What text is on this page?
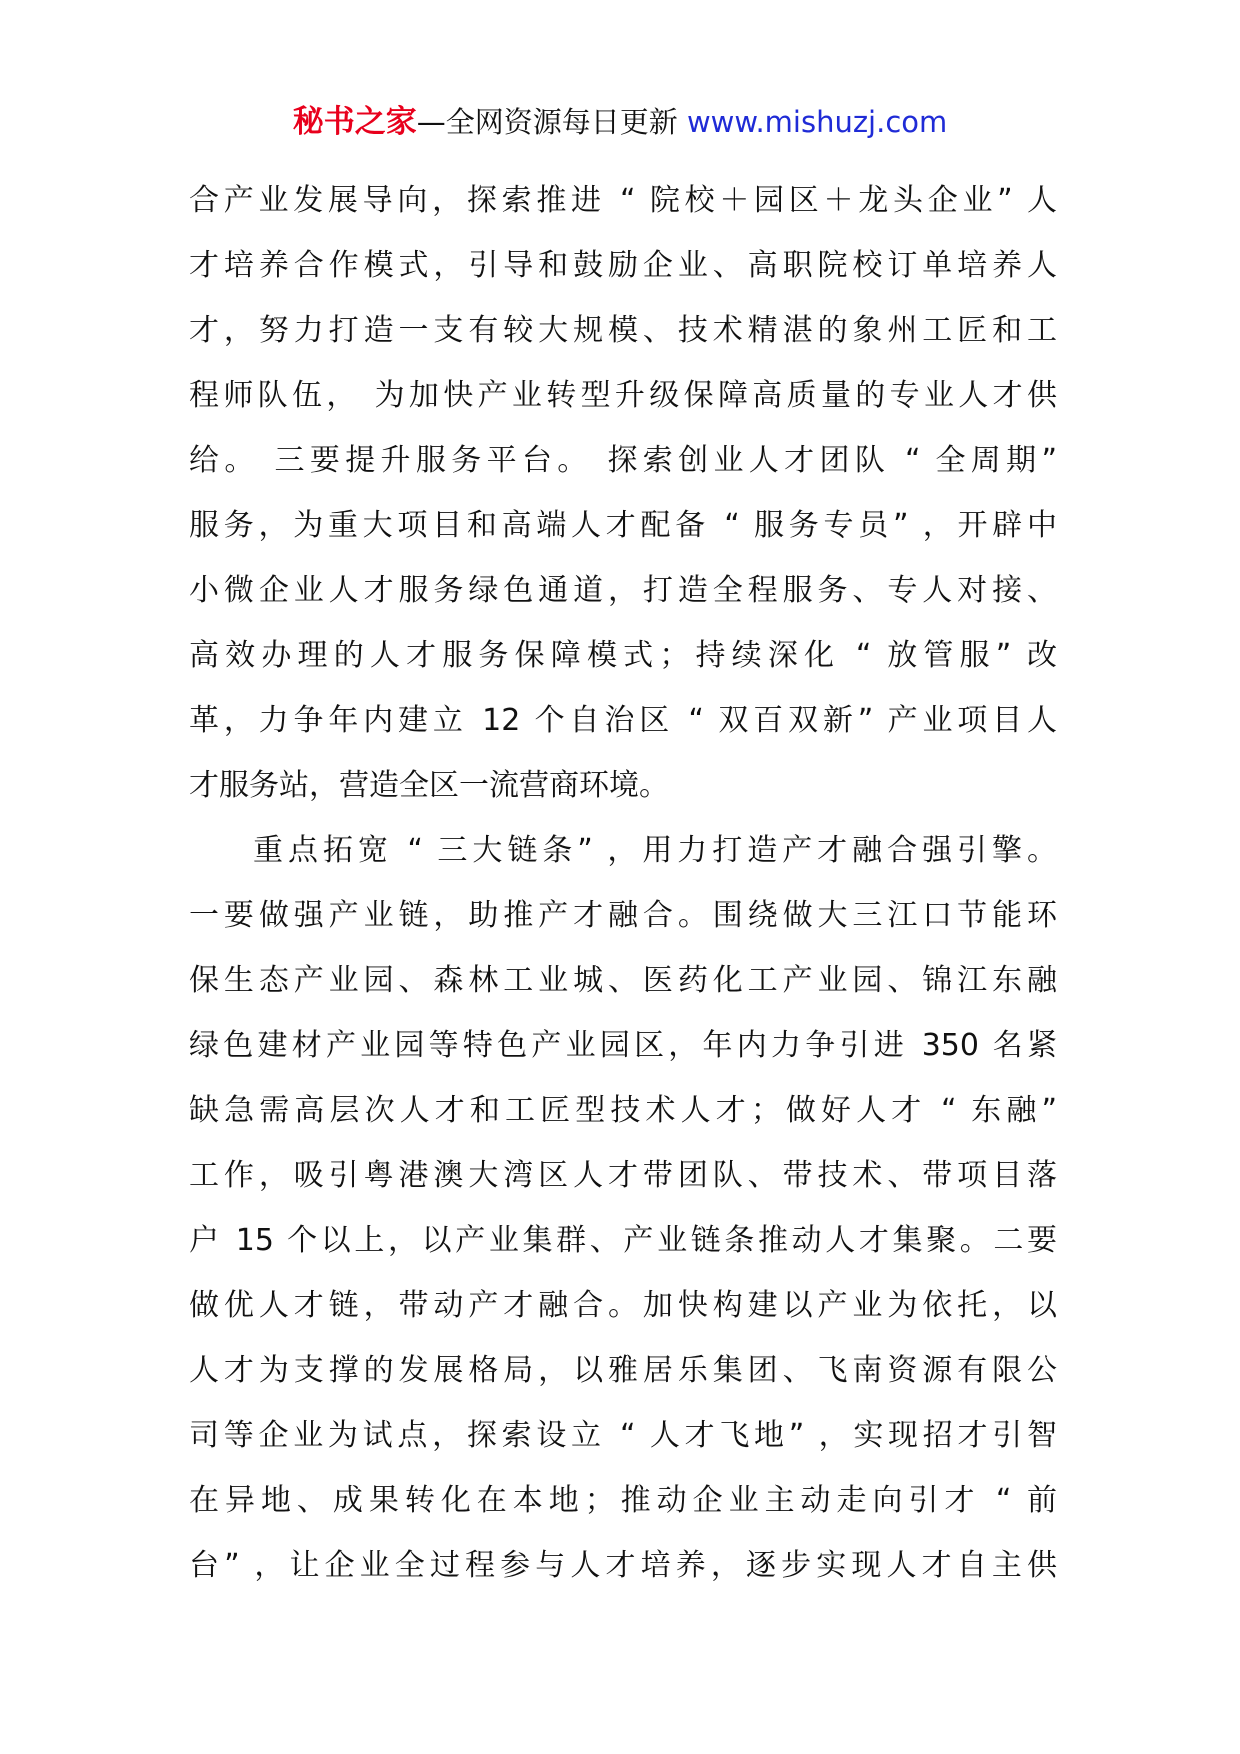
秘书之家—全网资源每日更新 www.mishuzj.com
合产业发展导向，探索推进 “ 院校＋园区＋龙头企业” 人
才培养合作模式，引导和鼓励企业、高职院校订单培养人
才，努力打造一支有较大规模、技术精湛的象州工匠和工
程师队伍， 为加快产业转型升级保障高质量的专业人才供
给。 三要提升服务平台。 探索创业人才团队 “ 全周期”
服务，为重大项目和高端人才配备 “ 服务专员” ，开辟中
小微企业人才服务绿色通道，打造全程服务、专人对接、
高效办理的人才服务保障模式；持续深化 “ 放管服” 改
革，力争年内建立 12 个自治区 “ 双百双新” 产业项目人
才服务站，营造全区一流营商环境。
重点拓宽 “ 三大链条” ，用力打造产才融合强引擎。
一要做强产业链，助推产才融合。围绕做大三江口节能环
保生态产业园、森林工业城、医药化工产业园、锦江东融
绿色建材产业园等特色产业园区，年内力争引进 350 名紧
缺急需高层次人才和工匠型技术人才；做好人才 “ 东融”
工作，吸引粤港澳大湾区人才带团队、带技术、带项目落
户 15 个以上，以产业集群、产业链条推动人才集聚。二要
做优人才链，带动产才融合。加快构建以产业为依托，以
人才为支撑的发展格局，以雅居乐集团、飞南资源有限公
司等企业为试点，探索设立 “ 人才飞地” ，实现招才引智
在异地、成果转化在本地；推动企业主动走向引才 “ 前
台” ，让企业全过程参与人才培养，逐步实现人才自主供
